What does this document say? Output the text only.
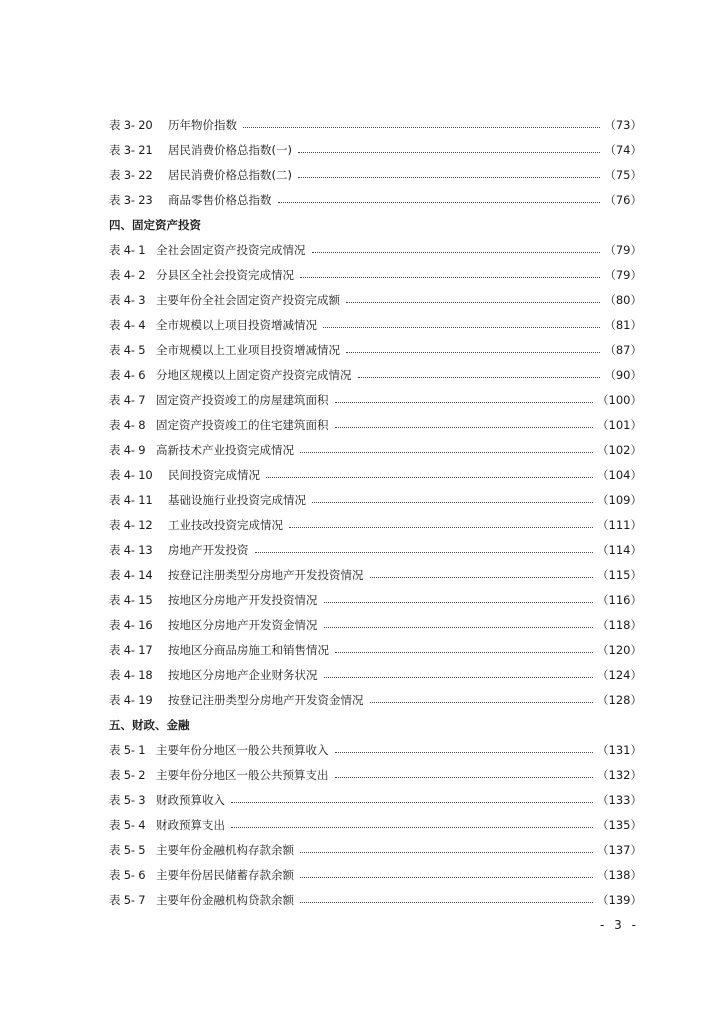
表 3- 20	历年物价指数	（73）
表 3- 21	居民消费价格总指数(一)	（74）
表 3- 22	居民消费价格总指数(二)	（75）
表 3- 23	商品零售价格总指数	（76）
四、固定资产投资
表 4- 1 全社会固定资产投资完成情况	（79）
表 4- 2 分县区全社会投资完成情况	（79）
表 4- 3 主要年份全社会固定资产投资完成额	（80）
表 4- 4 全市规模以上项目投资增减情况	（81）
表 4- 5 全市规模以上工业项目投资增减情况	（87）
表 4- 6 分地区规模以上固定资产投资完成情况	（90）
表 4- 7 固定资产投资竣工的房屋建筑面积	（100）
表 4- 8 固定资产投资竣工的住宅建筑面积	（101）
表 4- 9 高新技术产业投资完成情况	（102）
表 4- 10	民间投资完成情况	（104）
表 4- 11	基础设施行业投资完成情况	（109）
表 4- 12	工业技改投资完成情况	（111）
表 4- 13	房地产开发投资	（114）
表 4- 14	按登记注册类型分房地产开发投资情况	（115）
表 4- 15	按地区分房地产开发投资情况	（116）
表 4- 16	按地区分房地产开发资金情况	（118）
表 4- 17	按地区分商品房施工和销售情况	（120）
表 4- 18	按地区分房地产企业财务状况	（124）
表 4- 19	按登记注册类型分房地产开发资金情况	（128）
五、财政、金融
表 5- 1 主要年份分地区一般公共预算收入	（131）
表 5- 2 主要年份分地区一般公共预算支出	（132）
表 5- 3 财政预算收入	（133）
表 5- 4 财政预算支出	（135）
表 5- 5 主要年份金融机构存款余额	（137）
表 5- 6 主要年份居民储蓄存款余额	（138）
表 5- 7 主要年份金融机构贷款余额	（139）
- 3 -
